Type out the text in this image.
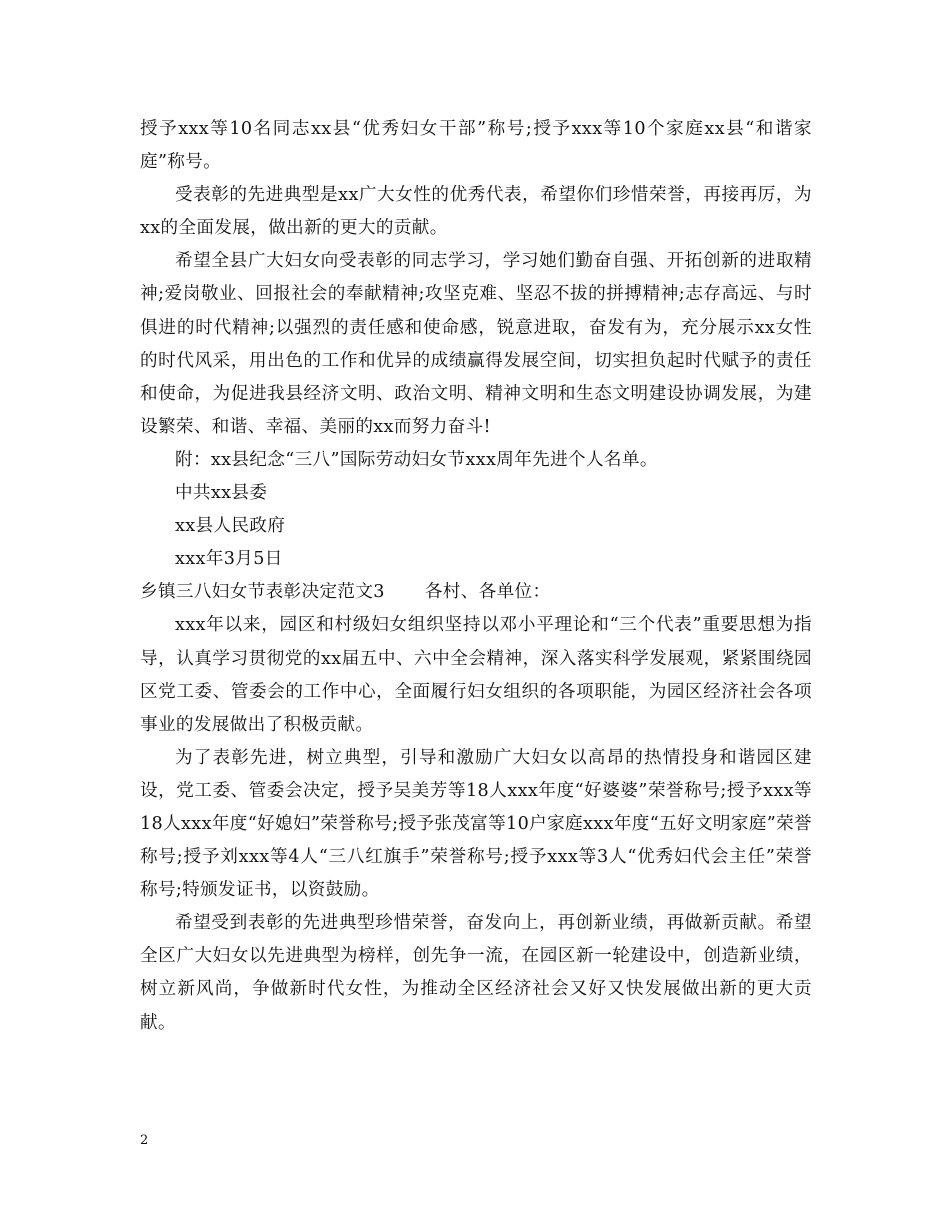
授予xxx等10名同志xx县“优秀妇女干部”称号;授予xxx等10个家庭xx县“和谐家庭”称号。

受表彰的先进典型是xx广大女性的优秀代表，希望你们珍惜荣誉，再接再厉，为xx的全面发展，做出新的更大的贡献。

希望全县广大妇女向受表彰的同志学习，学习她们勤奋自强、开拓创新的进取精神;爱岗敬业、回报社会的奉献精神;攻坚克难、坚忍不拔的拼搏精神;志存高远、与时俱进的时代精神;以强烈的责任感和使命感，锐意进取，奋发有为，充分展示xx女性的时代风采，用出色的工作和优异的成绩赢得发展空间，切实担负起时代赋予的责任和使命，为促进我县经济文明、政治文明、精神文明和生态文明建设协调发展，为建设繁荣、和谐、幸福、美丽的xx而努力奋斗!

附：xx县纪念“三八”国际劳动妇女节xxx周年先进个人名单。

中共xx县委

xx县人民政府

xxx年3月5日

乡镇三八妇女节表彰决定范文3 各村、各单位：

xxx年以来，园区和村级妇女组织坚持以邓小平理论和“三个代表”重要思想为指导，认真学习贯彻党的xx届五中、六中全会精神，深入落实科学发展观，紧紧围绕园区党工委、管委会的工作中心，全面履行妇女组织的各项职能，为园区经济社会各项事业的发展做出了积极贡献。

为了表彰先进，树立典型，引导和激励广大妇女以高昂的热情投身和谐园区建设，党工委、管委会决定，授予吴美芳等18人xxx年度“好婆婆”荣誉称号;授予xxx等18人xxx年度“好媳妇”荣誉称号;授予张茂富等10户家庭xxx年度“五好文明家庭”荣誉称号;授予刘xxx等4人“三八红旗手”荣誉称号;授予xxx等3人“优秀妇代会主任”荣誉称号;特颁发证书，以资鼓励。

希望受到表彰的先进典型珍惜荣誉，奋发向上，再创新业绩，再做新贡献。希望全区广大妇女以先进典型为榜样，创先争一流，在园区新一轮建设中，创造新业绩，树立新风尚，争做新时代女性，为推动全区经济社会又好又快发展做出新的更大贡献。

2
